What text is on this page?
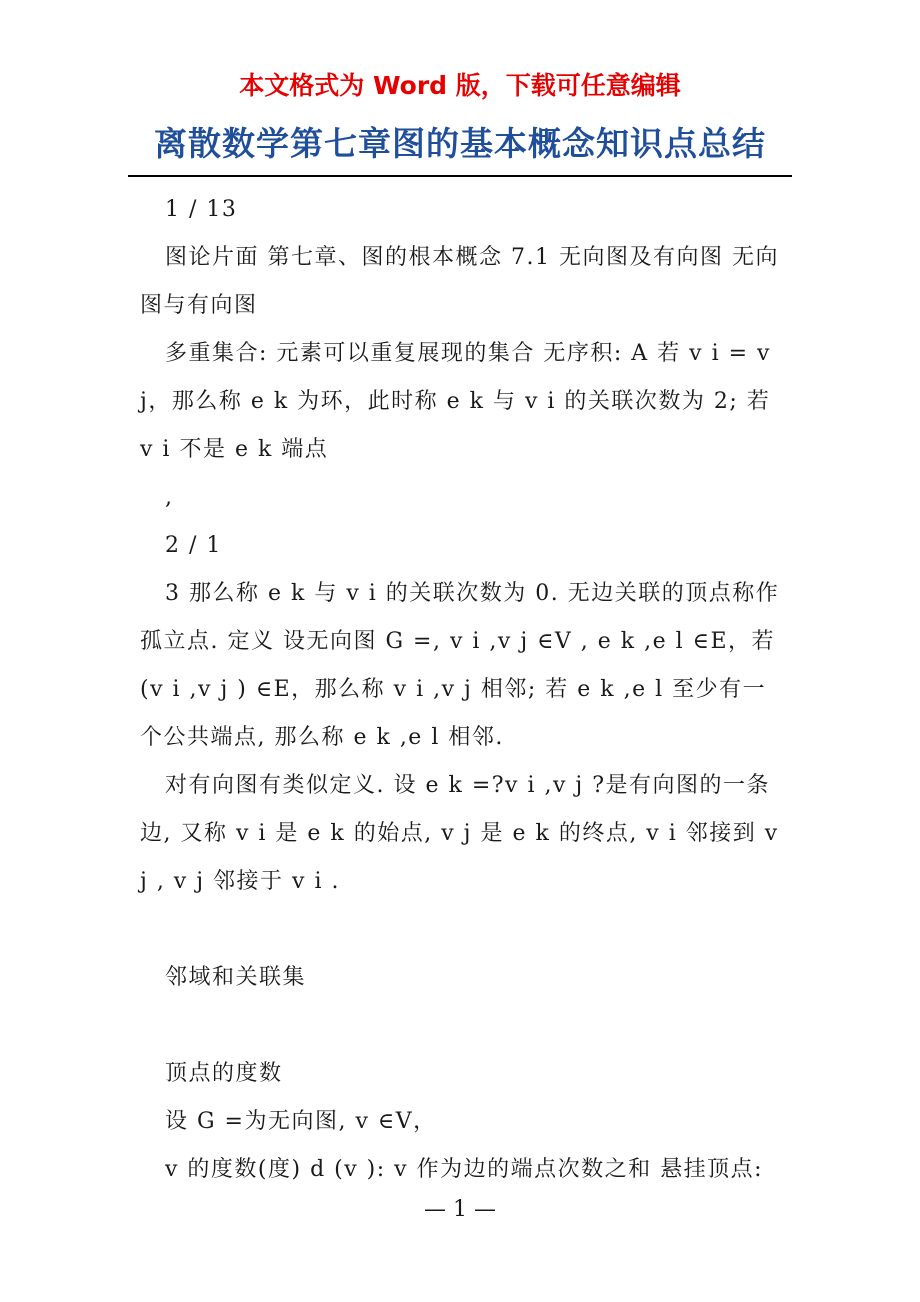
本文格式为 Word 版，下载可任意编辑

离散数学第七章图的基本概念知识点总结

1 / 13

图论片面 第七章、图的根本概念 7.1 无向图及有向图 无向图与有向图

多重集合: 元素可以重复展现的集合 无序积: A 若 v i = v j，那么称 e k 为环，此时称 e k 与 v i 的关联次数为 2; 若 v i 不是 e k 端点

,

2 / 1

3 那么称 e k 与 v i 的关联次数为 0. 无边关联的顶点称作孤立点. 定义 设无向图 G =, v i ,v j ∈V , e k ,e l ∈E，若(v i ,v j ) ∈E，那么称 v i ,v j 相邻; 若 e k ,e l 至少有一个公共端点, 那么称 e k ,e l 相邻.

对有向图有类似定义. 设 e k =?v i ,v j ?是有向图的一条边, 又称 v i 是 e k 的始点, v j 是 e k 的终点, v i 邻接到 v j , v j 邻接于 v i .

邻域和关联集

顶点的度数

设 G =为无向图, v ∈V，

v 的度数(度) d (v ): v 作为边的端点次数之和 悬挂顶点:

— 1 —
